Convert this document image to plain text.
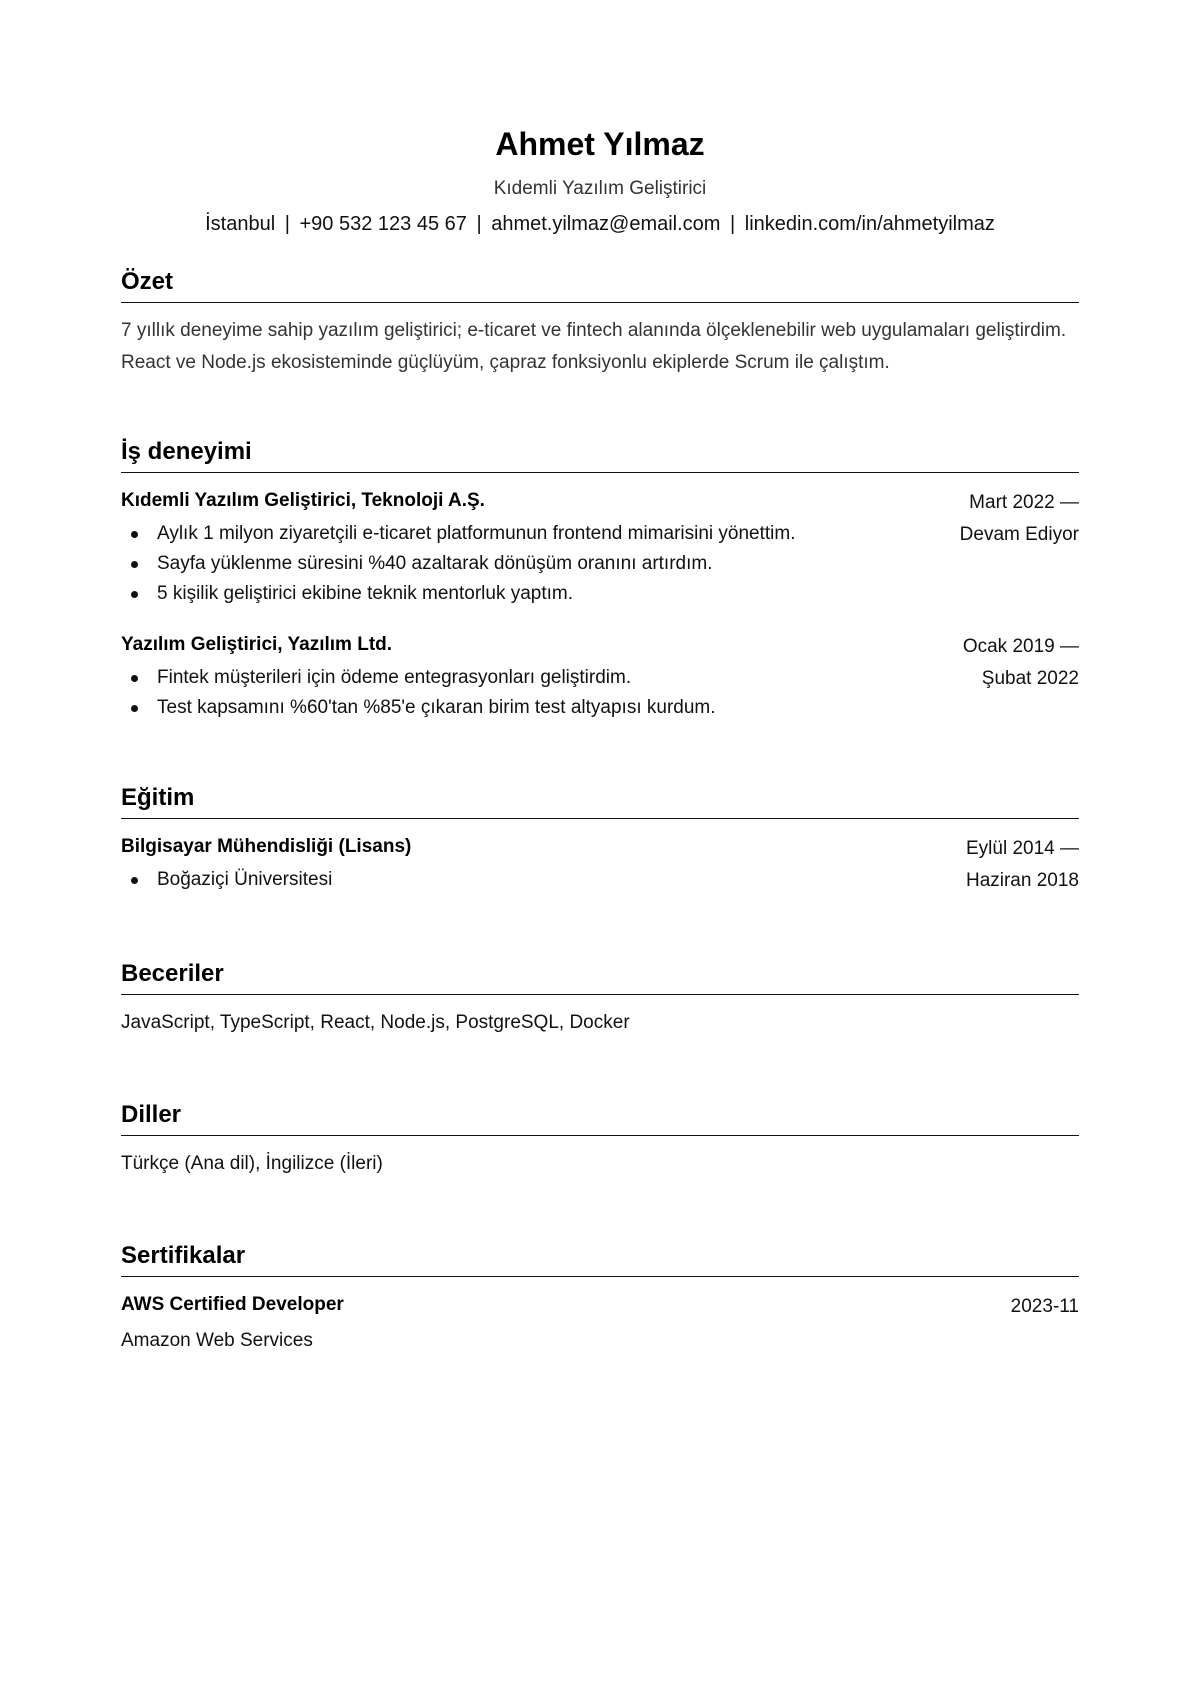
Ahmet Yılmaz
Kıdemli Yazılım Geliştirici
İstanbul | +90 532 123 45 67 | ahmet.yilmaz@email.com | linkedin.com/in/ahmetyilmaz
Özet
7 yıllık deneyime sahip yazılım geliştirici; e-ticaret ve fintech alanında ölçeklenebilir web uygulamaları geliştirdim. React ve Node.js ekosisteminde güçlüyüm, çapraz fonksiyonlu ekiplerde Scrum ile çalıştım.
İş deneyimi
Kıdemli Yazılım Geliştirici, Teknoloji A.Ş.	Mart 2022 —
Devam Ediyor
Aylık 1 milyon ziyaretçili e-ticaret platformunun frontend mimarisini yönettim.
Sayfa yüklenme süresini %40 azaltarak dönüşüm oranını artırdım.
5 kişilik geliştirici ekibine teknik mentorluk yaptım.
Yazılım Geliştirici, Yazılım Ltd.	Ocak 2019 —
Şubat 2022
Fintek müşterileri için ödeme entegrasyonları geliştirdim.
Test kapsamını %60'tan %85'e çıkaran birim test altyapısı kurdum.
Eğitim
Bilgisayar Mühendisliği (Lisans)	Eylül 2014 —
Haziran 2018
Boğaziçi Üniversitesi
Beceriler
JavaScript, TypeScript, React, Node.js, PostgreSQL, Docker
Diller
Türkçe (Ana dil), İngilizce (İleri)
Sertifikalar
AWS Certified Developer	2023-11
Amazon Web Services
